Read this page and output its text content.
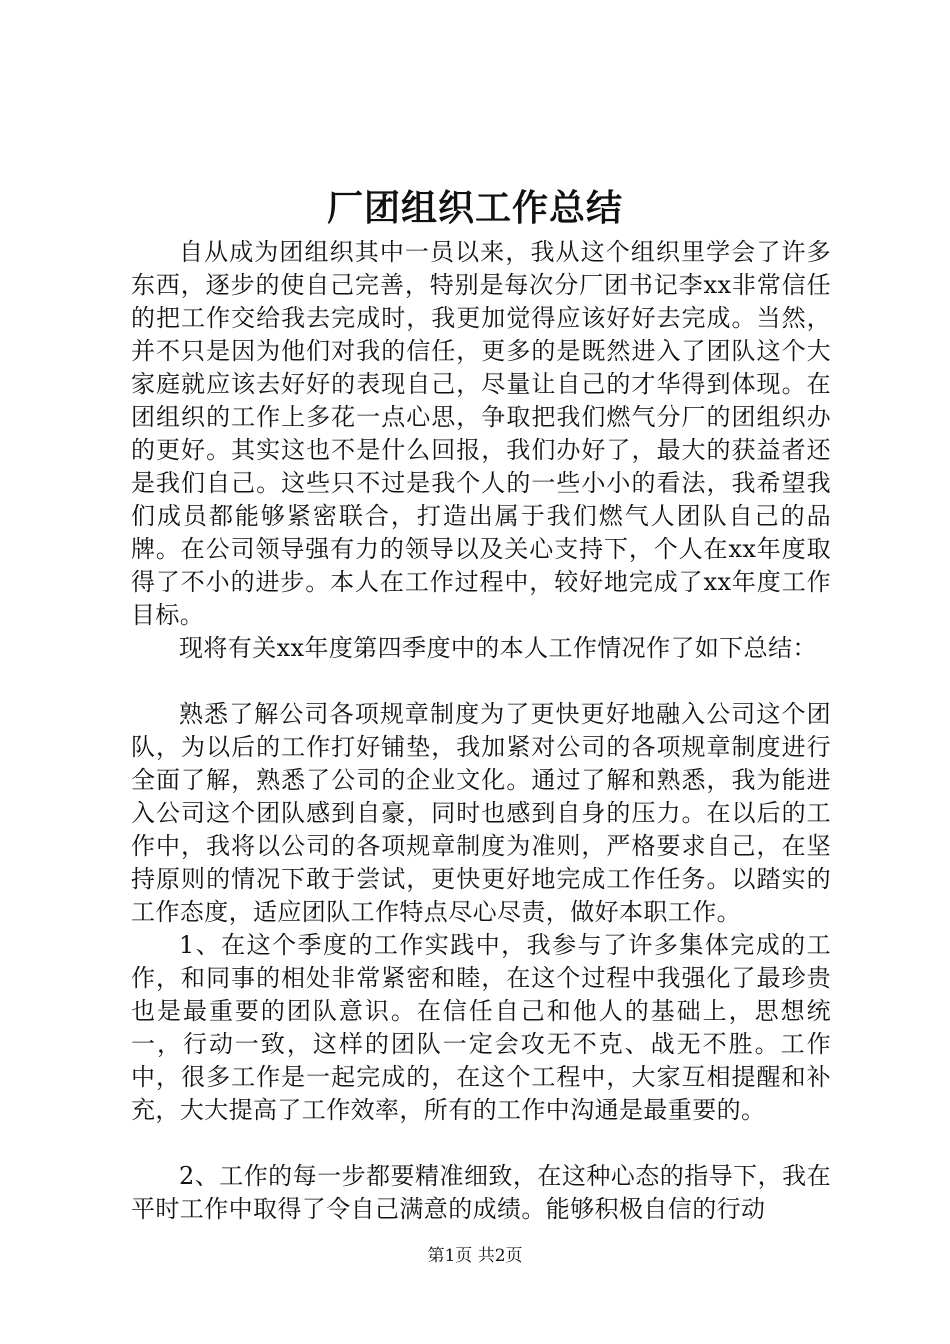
厂团组织工作总结

自从成为团组织其中一员以来，我从这个组织里学会了许多东西，逐步的使自己完善，特别是每次分厂团书记李xx非常信任的把工作交给我去完成时，我更加觉得应该好好去完成。当然，并不只是因为他们对我的信任，更多的是既然进入了团队这个大家庭就应该去好好的表现自己，尽量让自己的才华得到体现。在团组织的工作上多花一点心思，争取把我们燃气分厂的团组织办的更好。其实这也不是什么回报，我们办好了，最大的获益者还是我们自己。这些只不过是我个人的一些小小的看法，我希望我们成员都能够紧密联合，打造出属于我们燃气人团队自己的品牌。在公司领导强有力的领导以及关心支持下，个人在xx年度取得了不小的进步。本人在工作过程中，较好地完成了xx年度工作目标。

现将有关xx年度第四季度中的本人工作情况作了如下总结：

熟悉了解公司各项规章制度为了更快更好地融入公司这个团队，为以后的工作打好铺垫，我加紧对公司的各项规章制度进行全面了解，熟悉了公司的企业文化。通过了解和熟悉，我为能进入公司这个团队感到自豪，同时也感到自身的压力。在以后的工作中，我将以公司的各项规章制度为准则，严格要求自己，在坚持原则的情况下敢于尝试，更快更好地完成工作任务。以踏实的工作态度，适应团队工作特点尽心尽责，做好本职工作。

1、在这个季度的工作实践中，我参与了许多集体完成的工作，和同事的相处非常紧密和睦，在这个过程中我强化了最珍贵也是最重要的团队意识。在信任自己和他人的基础上，思想统一，行动一致，这样的团队一定会攻无不克、战无不胜。工作中，很多工作是一起完成的，在这个工程中，大家互相提醒和补充，大大提高了工作效率，所有的工作中沟通是最重要的。

2、工作的每一步都要精准细致，在这种心态的指导下，我在平时工作中取得了令自己满意的成绩。能够积极自信的行动

第1页 共2页
